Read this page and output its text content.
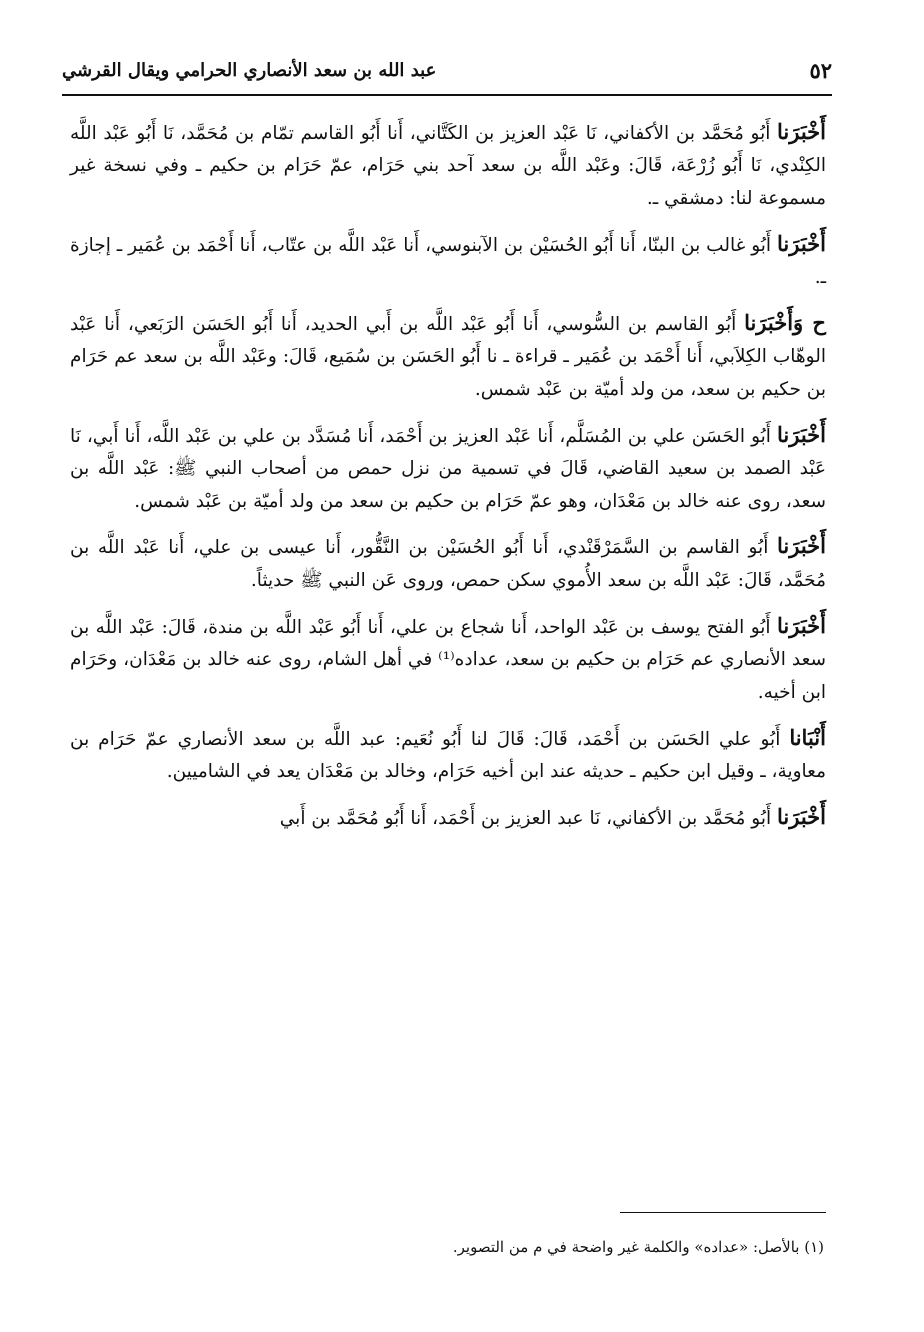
٥٢
عبد الله بن سعد الأنصاري الحرامي ويقال القرشي

أَخْبَرَنا أَبُو مُحَمَّد بن الأكفاني، نَا عَبْد العزيز بن الكَتَّاني، أَنا أَبُو القاسم تمّام بن مُحَمَّد، نَا أَبُو عَبْد اللَّه الكِنْدي، نَا أَبُو زُرْعَة، قَالَ: وعَبْد اللَّه بن سعد آحد بني حَرَام، عمّ حَرَام بن حكيم ـ وفي نسخة غير مسموعة لنا: دمشقي ـ.

أَخْبَرَنا أَبُو غالب بن البنّا، أَنا أَبُو الحُسَيْن بن الآبنوسي، أَنا عَبْد اللَّه بن عتّاب، أَنا أَحْمَد بن عُمَير ـ إجازة ـ.

ح وَأَخْبَرَنا أَبُو القاسم بن السُّوسي، أَنا أَبُو عَبْد اللَّه بن أَبي الحديد، أَنا أَبُو الحَسَن الرَبَعي، أَنا عَبْد الوهّاب الكِلاَبي، أَنا أَحْمَد بن عُمَير ـ قراءة ـ نا أَبُو الحَسَن بن سُمَيع، قَالَ: وعَبْد اللَّه بن سعد عم حَرَام بن حكيم بن سعد، من ولد أميّة بن عَبْد شمس.

أَخْبَرَنا أَبُو الحَسَن علي بن المُسَلَّم، أَنا عَبْد العزيز بن أَحْمَد، أَنا مُسَدَّد بن علي بن عَبْد اللَّه، أَنا أَبي، نَا عَبْد الصمد بن سعيد القاضي، قَالَ في تسمية من نزل حمص من أصحاب النبي ﷺ: عَبْد اللَّه بن سعد، روى عنه خالد بن مَعْدَان، وهو عمّ حَرَام بن حكيم بن سعد من ولد أميّة بن عَبْد شمس.

أَخْبَرَنا أَبُو القاسم بن السَّمَرْقَنْدي، أَنا أَبُو الحُسَيْن بن النَّقُّور، أَنا عيسى بن علي، أَنا عَبْد اللَّه بن مُحَمَّد، قَالَ: عَبْد اللَّه بن سعد الأُموي سكن حمص، وروى عَن النبي ﷺ حديثاً.

أَخْبَرَنا أَبُو الفتح يوسف بن عَبْد الواحد، أَنا شجاع بن علي، أَنا أَبُو عَبْد اللَّه بن مندة، قَالَ: عَبْد اللَّه بن سعد الأنصاري عم حَرَام بن حكيم بن سعد، عداده⁽¹⁾ في أهل الشام، روى عنه خالد بن مَعْدَان، وحَرَام ابن أخيه.

أَنْبَانا أَبُو علي الحَسَن بن أَحْمَد، قَالَ: قَالَ لنا أَبُو نُعَيم: عبد اللَّه بن سعد الأنصاري عمّ حَرَام بن معاوية، ـ وقيل ابن حكيم ـ حديثه عند ابن أخيه حَرَام، وخالد بن مَعْدَان يعد في الشاميين.

أَخْبَرَنا أَبُو مُحَمَّد بن الأكفاني، نَا عبد العزيز بن أَحْمَد، أَنا أَبُو مُحَمَّد بن أَبي

(١) بالأصل: «عداده» والكلمة غير واضحة في م من التصوير.
